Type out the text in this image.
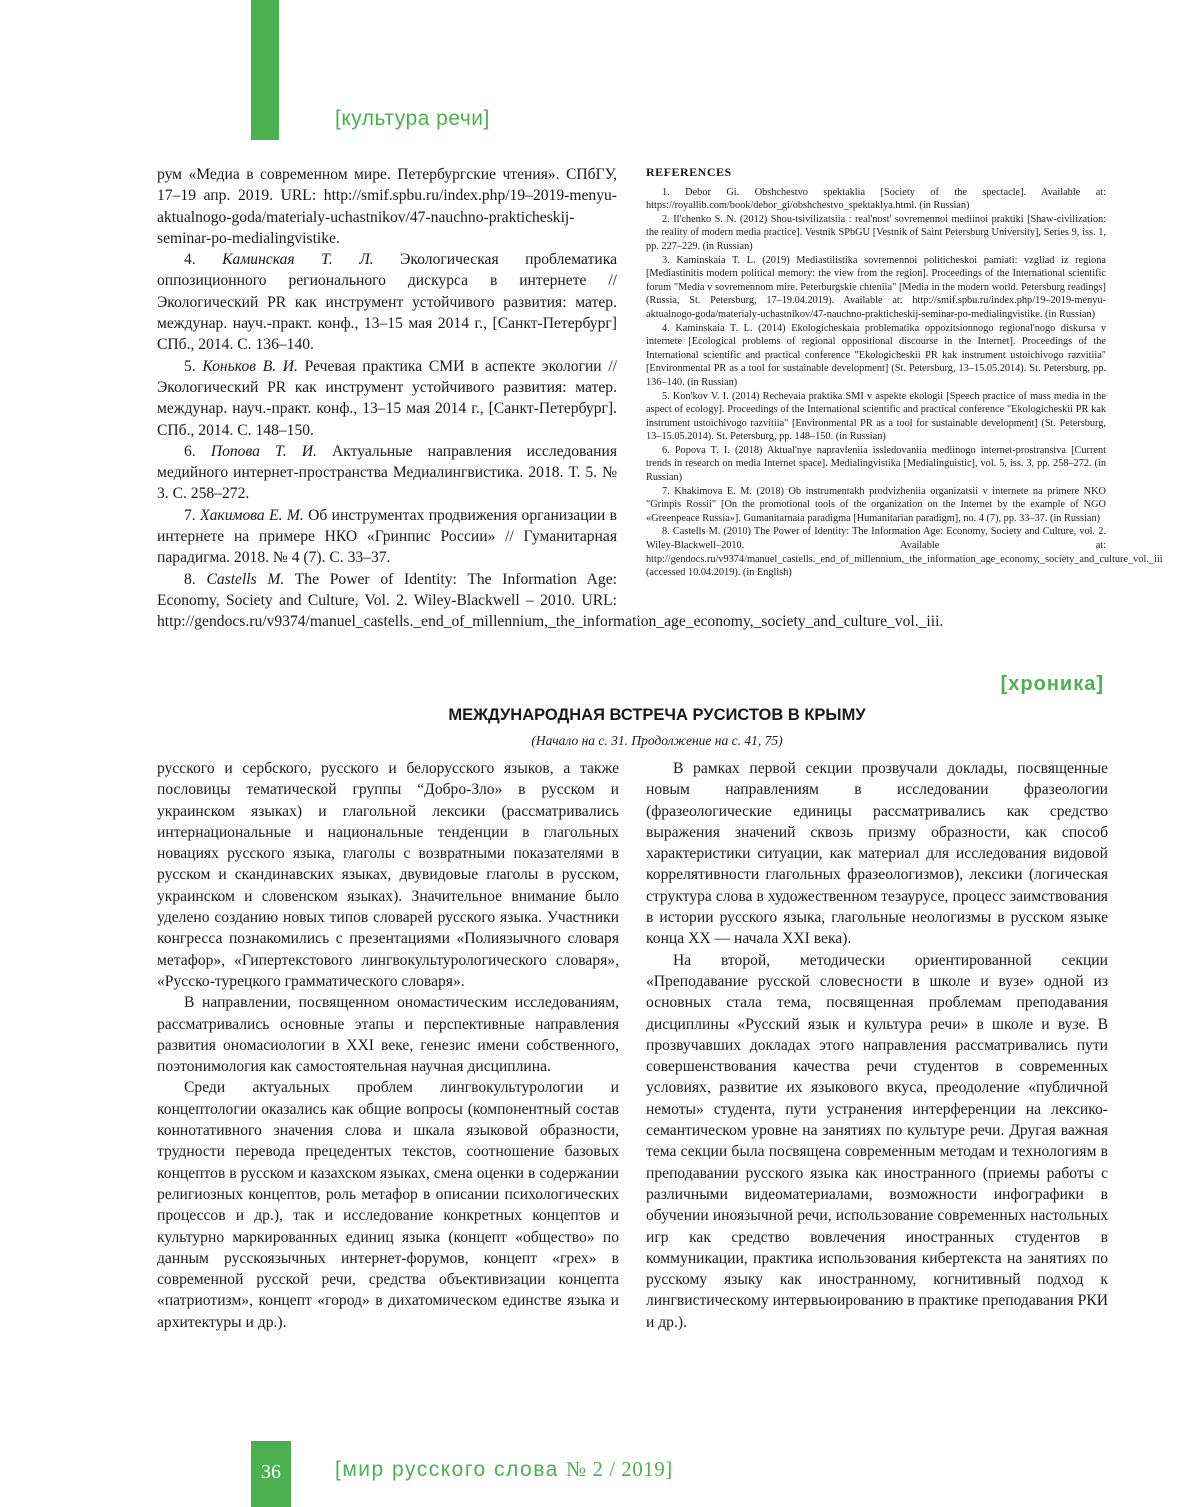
[культура речи]

рум «Медиа в современном мире. Петербургские чтения». СПбГУ, 17–19 апр. 2019. URL: http://smif.spbu.ru/index.php/19–2019-menyu-aktualnogo-goda/materialy-uchastnikov/47-nauchno-prakticheskij-seminar-po-medialingvistike.

4. Каминская Т. Л. Экологическая проблематика оппозиционного регионального дискурса в интернете // Экологический PR как инструмент устойчивого развития: матер. междунар. науч.-практ. конф., 13–15 мая 2014 г., [Санкт-Петербург] СПб., 2014. С. 136–140.

5. Коньков В. И. Речевая практика СМИ в аспекте экологии // Экологический PR как инструмент устойчивого развития: матер. междунар. науч.-практ. конф., 13–15 мая 2014 г., [Санкт-Петербург]. СПб., 2014. С. 148–150.

6. Попова Т. И. Актуальные направления исследования медийного интернет-пространства Медиалингвистика. 2018. Т. 5. № 3. С. 258–272.

7. Хакимова Е. М. Об инструментах продвижения организации в интернете на примере НКО «Гринпис России» // Гуманитарная парадигма. 2018. № 4 (7). С. 33–37.

8. Castells M. The Power of Identity: The Information Age: Economy, Society and Culture, Vol. 2. Wiley-Blackwell – 2010. URL: http://gendocs.ru/v9374/manuel_castells._end_of_millennium,_the_information_age_economy,_society_and_culture_vol._iii.

REFERENCES

1. Debor Gi. Obshchestvo spektaklia [Society of the spectacle]. Available at: https://royallib.com/book/debor_gi/obshchestvo_spektaklya.html. (in Russian)

2. Il'chenko S. N. (2012) Shou-tsivilizatsiia : real'nost' sovremennoi mediinoi praktiki [Shaw-civilization: the reality of modern media practice]. Vestnik SPbGU [Vestnik of Saint Petersburg University], Series 9, iss. 1, pp. 227–229. (in Russian)

3. Kaminskaia T. L. (2019) Mediastilistika sovremennoi politicheskoi pamiati: vzgliad iz regiona [Mediastinitis modern political memory: the view from the region]. Proceedings of the International scientific forum "Media v sovremennom mire. Peterburgskie chteniia" [Media in the modern world. Petersburg readings] (Russia, St. Petersburg, 17–19.04.2019). Available at: http://smif.spbu.ru/index.php/19–2019-menyu-aktualnogo-goda/materialy-uchastnikov/47-nauchno-prakticheskij-seminar-po-medialingvistike. (in Russian)

4. Kaminskaia T. L. (2014) Ekologicheskaia problematika oppozitsionnogo regional'nogo diskursa v internete [Ecological problems of regional oppositional discourse in the Internet]. Proceedings of the International scientific and practical conference "Ekologicheskii PR kak instrument ustoichivogo razvitiia" [Environmental PR as a tool for sustainable development] (St. Petersburg, 13–15.05.2014). St. Petersburg, pp. 136–140. (in Russian)

5. Kon'kov V. I. (2014) Rechevaia praktika SMI v aspekte ekologii [Speech practice of mass media in the aspect of ecology]. Proceedings of the International scientific and practical conference "Ekologicheskii PR kak instrument ustoichivogo razvitiia" [Environmental PR as a tool for sustainable development] (St. Petersburg, 13–15.05.2014). St. Petersburg, pp. 148–150. (in Russian)

6. Popova T. I. (2018) Aktual'nye napravleniia issledovaniia mediinogo internet-prostranstva [Current trends in research on media Internet space]. Medialingvistika [Medialinguistic], vol. 5, iss. 3, pp. 258–272. (in Russian)

7. Khakimova E. M. (2018) Ob instrumentakh prodvizheniia organizatsii v internete na primere NKO "Grinpis Rossii" [On the promotional tools of the organization on the Internet by the example of NGO «Greenpeace Russia»]. Gumanitarnaia paradigma [Humanitarian paradigm], no. 4 (7), pp. 33–37. (in Russian)

8. Castells M. (2010) The Power of Identity: The Information Age: Economy, Society and Culture, vol. 2. Wiley-Blackwell–2010. Available at: http://gendocs.ru/v9374/manuel_castells._end_of_millennium,_the_information_age_economy,_society_and_culture_vol._iii (accessed 10.04.2019). (in English)

[хроника]
МЕЖДУНАРОДНАЯ ВСТРЕЧА РУСИСТОВ В КРЫМУ
(Начало на с. 31. Продолжение на с. 41, 75)

русского и сербского, русского и белорусского языков, а также пословицы тематической группы “Добро-Зло» в русском и украинском языках) и глагольной лексики (рассматривались интернациональные и национальные тенденции в глагольных новациях русского языка, глаголы с возвратными показателями в русском и скандинавских языках, двувидовые глаголы в русском, украинском и словенском языках). Значительное внимание было уделено созданию новых типов словарей русского языка. Участники конгресса познакомились с презентациями «Полиязычного словаря метафор», «Гипертекстового лингвокультурологического словаря», «Русско-турецкого грамматического словаря».

В направлении, посвященном ономастическим исследованиям, рассматривались основные этапы и перспективные направления развития ономасиологии в XXI веке, генезис имени собственного, поэтонимология как самостоятельная научная дисциплина.

Среди актуальных проблем лингвокультурологии и концептологии оказались как общие вопросы (компонентный состав коннотативного значения слова и шкала языковой образности, трудности перевода прецедентых текстов, соотношение базовых концептов в русском и казахском языках, смена оценки в содержании религиозных концептов, роль метафор в описании психологических процессов и др.), так и исследование конкретных концептов и культурно маркированных единиц языка (концепт «общество» по данным русскоязычных интернет-форумов, концепт «грех» в современной русской речи, средства объективизации концепта «патриотизм», концепт «город» в дихатомическом единстве языка и архитектуры и др.).

В рамках первой секции прозвучали доклады, посвященные новым направлениям в исследовании фразеологии (фразеологические единицы рассматривались как средство выражения значений сквозь призму образности, как способ характеристики ситуации, как материал для исследования видовой коррелятивности глагольных фразеологизмов), лексики (логическая структура слова в художественном тезаурусе, процесс заимствования в истории русского языка, глагольные неологизмы в русском языке конца XX — начала XXI века).

На второй, методически ориентированной секции «Преподавание русской словесности в школе и вузе» одной из основных стала тема, посвященная проблемам преподавания дисциплины «Русский язык и культура речи» в школе и вузе. В прозвучавших докладах этого направления рассматривались пути совершенствования качества речи студентов в современных условиях, развитие их языкового вкуса, преодоление «публичной немоты» студента, пути устранения интерференции на лексико-семантическом уровне на занятиях по культуре речи. Другая важная тема секции была посвящена современным методам и технологиям в преподавании русского языка как иностранного (приемы работы с различными видеоматериалами, возможности инфографики в обучении иноязычной речи, использование современных настольных игр как средство вовлечения иностранных студентов в коммуникации, практика использования кибертекста на занятиях по русскому языку как иностранному, когнитивный подход к лингвистическому интервьюированию в практике преподавания РКИ и др.).

36	[мир русского слова № 2 / 2019]
